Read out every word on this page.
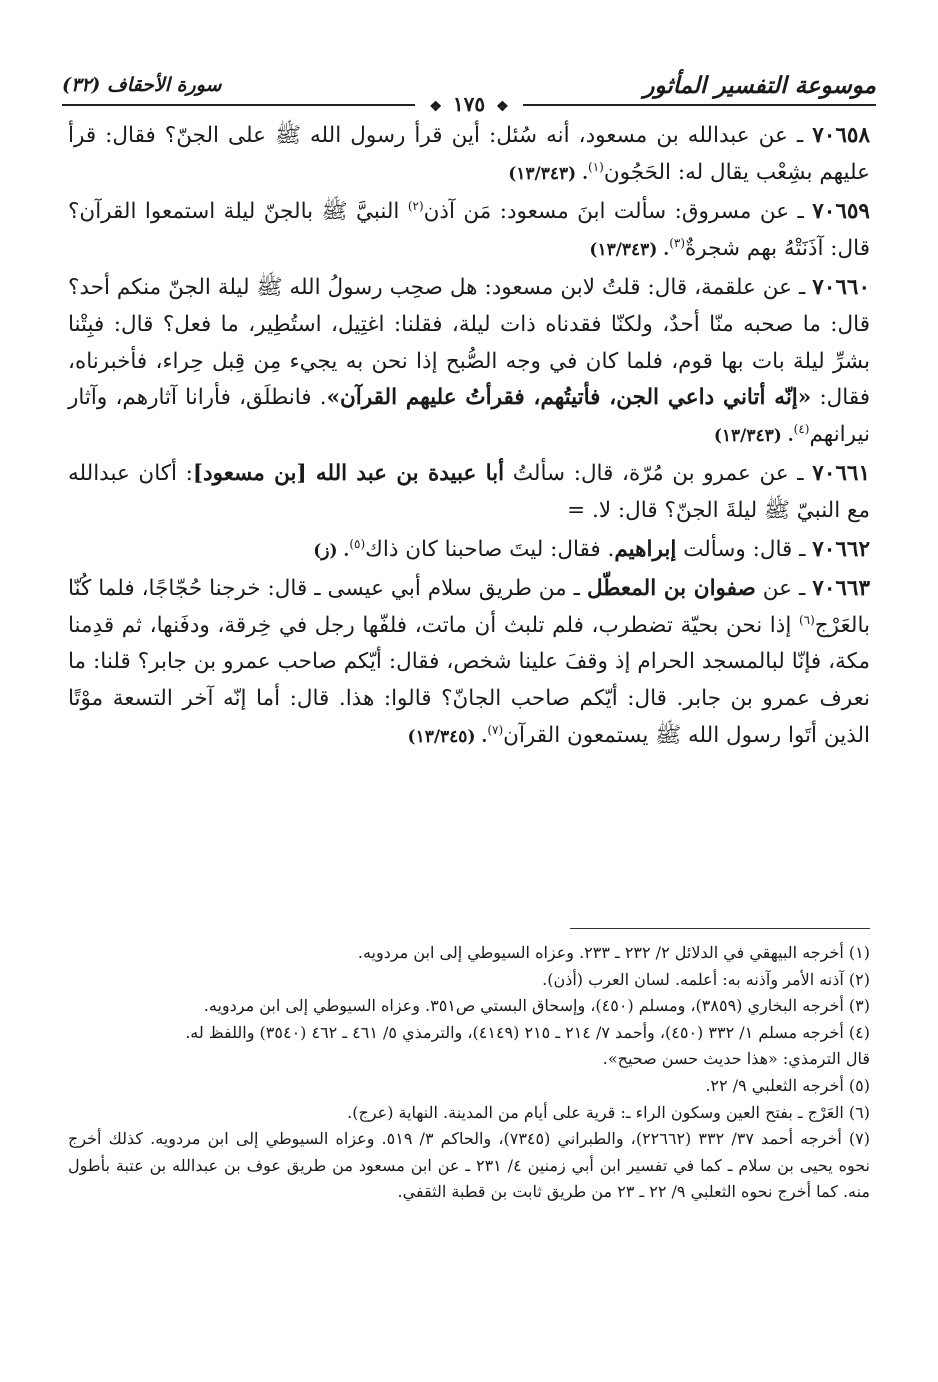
موسوعة التفسير المأثور
سورة الأحقاف (٣٢)
❖ ١٧٥ ❖

٧٠٦٥٨ ـ عن عبدالله بن مسعود، أنه سُئل: أين قرأ رسول الله ﷺ على الجنّ؟ فقال: قرأ عليهم بشِعْب يقال له: الحَجُون$^{(١)}$. (١٣/٣٤٣)

٧٠٦٥٩ ـ عن مسروق: سألت ابنَ مسعود: مَن آذن$^{(٢)}$ النبيَّ ﷺ بالجنّ ليلة استمعوا القرآن؟ قال: آذَنَتْهُ بهم شجرةٌ$^{(٣)}$. (١٣/٣٤٣)

٧٠٦٦٠ ـ عن علقمة، قال: قلتُ لابن مسعود: هل صحِب رسولُ الله ﷺ ليلة الجنّ منكم أحد؟ قال: ما صحبه منّا أحدٌ، ولكنّا فقدناه ذات ليلة، فقلنا: اغتِيل، استُطِير، ما فعل؟ قال: فبِتْنا بشرِّ ليلة بات بها قوم، فلما كان في وجه الصُّبح إذا نحن به يجيء مِن قِبل حِراء، فأخبرناه، فقال: «إنّه أتاني داعي الجن، فأتيتُهم، فقرأتُ عليهم القرآن». فانطلَق، فأرانا آثارهم، وآثار نيرانهم$^{(٤)}$. (١٣/٣٤٣)

٧٠٦٦١ ـ عن عمرو بن مُرّة، قال: سألتُ أبا عبيدة بن عبد الله [بن مسعود]: أكان عبدالله مع النبيّ ﷺ ليلةَ الجنّ؟ قال: لا. =

٧٠٦٦٢ ـ قال: وسألت إبراهيم. فقال: ليتَ صاحبنا كان ذاك$^{(٥)}$. (ز)

٧٠٦٦٣ ـ عن صفوان بن المعطّل ـ من طريق سلام أبي عيسى ـ قال: خرجنا حُجّاجًا، فلما كُنّا بالعَرْج$^{(٦)}$ إذا نحن بحيّة تضطرب، فلم تلبث أن ماتت، فلفّها رجل في خِرقة، ودفَنها، ثم قدِمنا مكة، فإنّا لبالمسجد الحرام إذ وقفَ علينا شخص، فقال: أيّكم صاحب عمرو بن جابر؟ قلنا: ما نعرف عمرو بن جابر. قال: أيّكم صاحب الجانّ؟ قالوا: هذا. قال: أما إنّه آخر التسعة موْتًا الذين أتَوا رسول الله ﷺ يستمعون القرآن$^{(٧)}$. (١٣/٣٤٥)

(١) أخرجه البيهقي في الدلائل ٢/ ٢٣٢ ـ ٢٣٣. وعزاه السيوطي إلى ابن مردويه.

(٢) آذنه الأمر وآذنه به: أعلمه. لسان العرب (أذن).

(٣) أخرجه البخاري (٣٨٥٩)، ومسلم (٤٥٠)، وإسحاق البستي ص٣٥١. وعزاه السيوطي إلى ابن مردويه.

(٤) أخرجه مسلم ١/ ٣٣٢ (٤٥٠)، وأحمد ٧/ ٢١٤ ـ ٢١٥ (٤١٤٩)، والترمذي ٥/ ٤٦١ ـ ٤٦٢ (٣٥٤٠) واللفظ له.

قال الترمذي: «هذا حديث حسن صحيح».

(٥) أخرجه الثعلبي ٩/ ٢٢.

(٦) العَرْج ـ بفتح العين وسكون الراء ـ: قرية على أيام من المدينة. النهاية (عرج).

(٧) أخرجه أحمد ٣٧/ ٣٣٢ (٢٢٦٦٢)، والطبراني (٧٣٤٥)، والحاكم ٣/ ٥١٩. وعزاه السيوطي إلى ابن مردويه. كذلك أخرج نحوه يحيى بن سلام ـ كما في تفسير ابن أبي زمنين ٤/ ٢٣١ ـ عن ابن مسعود من طريق عوف بن عبدالله بن عتبة بأطول منه. كما أخرج نحوه الثعلبي ٩/ ٢٢ ـ ٢٣ من طريق ثابت بن قطبة الثقفي.
